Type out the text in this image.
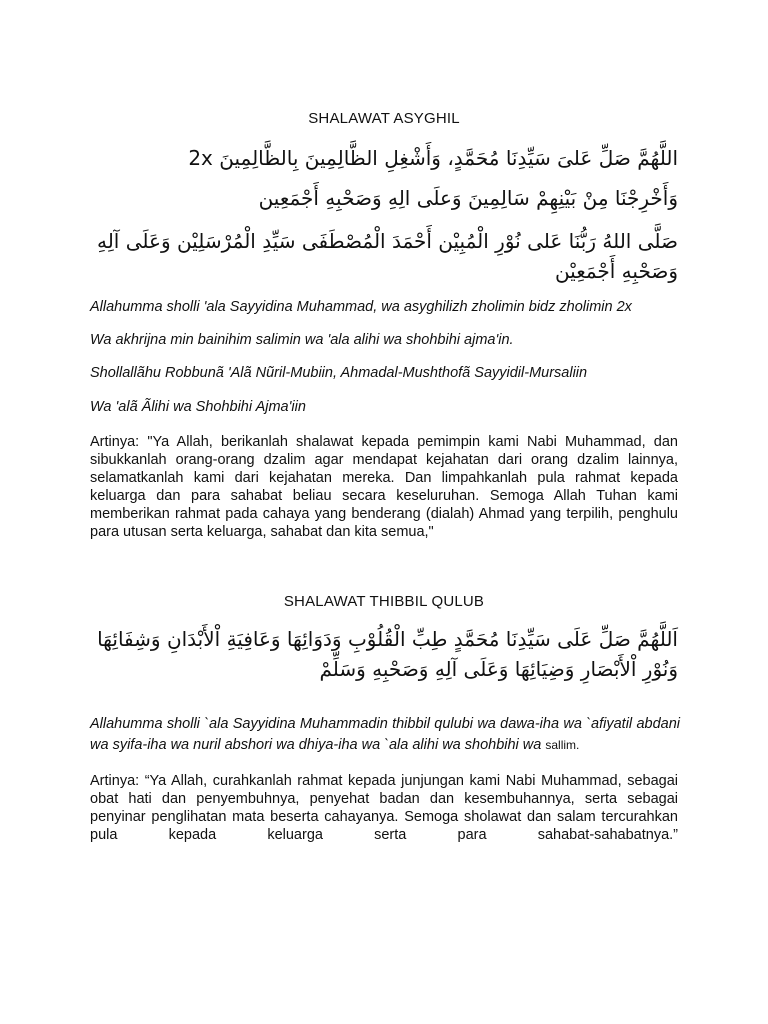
SHALAWAT ASYGHIL
اللَّهُمَّ صَلِّ عَلىَ سَيِّدِنَا مُحَمَّدٍ، وَأَشْغِلِ الظَّالِمِينَ بِالظَّالِمِينَ 2x
وَأَخْرِجْنَا مِنْ بَيْنِهِمْ سَالِمِينَ وَعلَى الِهِ وَصَحْبِهِ أَجْمَعِين
صَلَّى اللهُ رَبُّنَا عَلى نُوْرِ الْمُبِيْن أَحْمَدَ الْمُصْطَفَى سَيِّدِ الْمُرْسَلِيْن وَعَلَى آلِهِ وَصَحْبِهِ أَجْمَعِيْن
Allahumma sholli 'ala Sayyidina Muhammad, wa asyghilizh zholimin bidz zholimin 2x
Wa akhrijna min bainihim salimin wa 'ala alihi wa shohbihi ajma'in.
Shollallãhu Robbunã 'Alã Nũril-Mubiin, Ahmadal-Mushthofã Sayyidil-Mursaliin
Wa 'alã Ãlihi wa Shohbihi Ajma'iin
Artinya: "Ya Allah, berikanlah shalawat kepada pemimpin kami Nabi Muhammad, dan sibukkanlah orang-orang dzalim agar mendapat kejahatan dari orang dzalim lainnya, selamatkanlah kami dari kejahatan mereka. Dan limpahkanlah pula rahmat kepada keluarga dan para sahabat beliau secara keseluruhan. Semoga Allah Tuhan kami memberikan rahmat pada cahaya yang benderang (dialah) Ahmad yang terpilih, penghulu para utusan serta keluarga, sahabat dan kita semua,"
SHALAWAT THIBBIL QULUB
اَللَّهُمَّ صَلِّ عَلَى سَيِّدِنَا مُحَمَّدٍ طِبِّ الْقُلُوْبِ وَدَوَائِهَا وَعَافِيَةِ اْلأَبْدَانِ وَشِفَائِهَا
وَنُوْرِ اْلأَبْصَارِ وَضِيَائِهَا وَعَلَى آلِهِ وَصَحْبِهِ وَسَلِّمْ
Allahumma sholli `ala Sayyidina Muhammadin thibbil qulubi wa dawa-iha wa `afiyatil abdani wa syifa-iha wa nuril abshori wa dhiya-iha wa `ala alihi wa shohbihi wa sallim.
Artinya: “Ya Allah, curahkanlah rahmat kepada junjungan kami Nabi Muhammad, sebagai obat hati dan penyembuhnya, penyehat badan dan kesembuhannya, serta sebagai penyinar penglihatan mata beserta cahayanya. Semoga sholawat dan salam tercurahkan pula kepada keluarga serta para sahabat-sahabatnya.”
